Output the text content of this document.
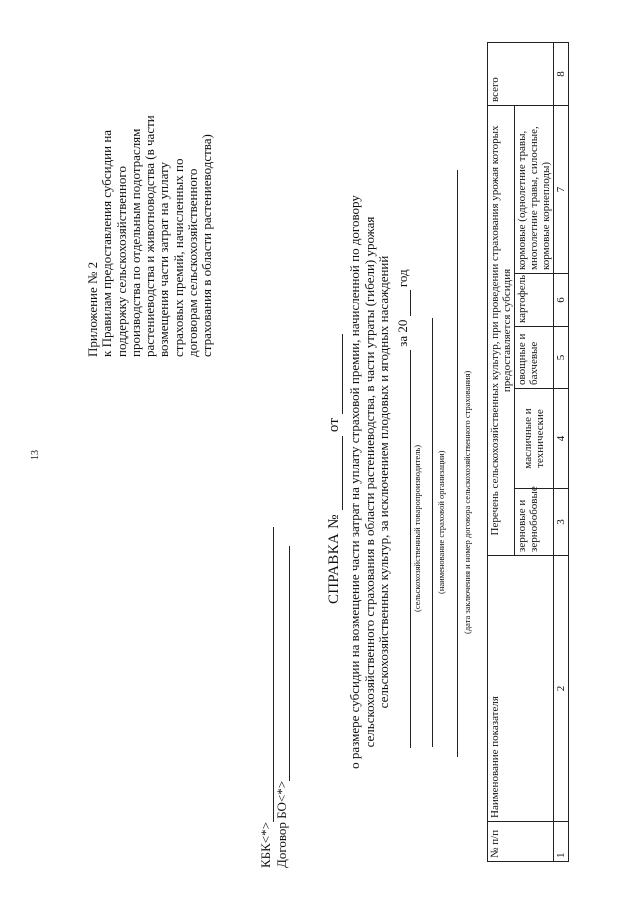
13
Приложение № 2 к Правилам предоставления субсидии на поддержку сельскохозяйственного производства по отдельным подотраслям растениеводства и животноводства (в части возмещения части затрат на уплату страховых премий, начисленных по договорам сельскохозяйственного страхования в области растениеводства)
КБК<*> Договор БО<*>
СПРАВКА №  от о размере субсидии на возмещение части затрат на уплату страховой премии, начисленной по договору сельскохозяйственного страхования в области растениеводства, в части утраты (гибели) урожая сельскохозяйственных культур, за исключением плодовых и ягодных насаждений за 20  год
(сельскохозяйственный товаропроизводитель) (наименование страховой организации) (дата заключения и номер договора сельскохозяйственного страхования)
№ п/п	Наименование показателя	Перечень сельскохозяйственных культур, при проведении страхования урожая которых предоставляется субсидия					всего
		зерновые и зернобобовые	масличные и технические	овощные и бахчевые	картофель	кормовые (однолетние травы, многолетние травы, силосные, кормовые корнеплоды)	
1	2	3	4	5	6	7	8
